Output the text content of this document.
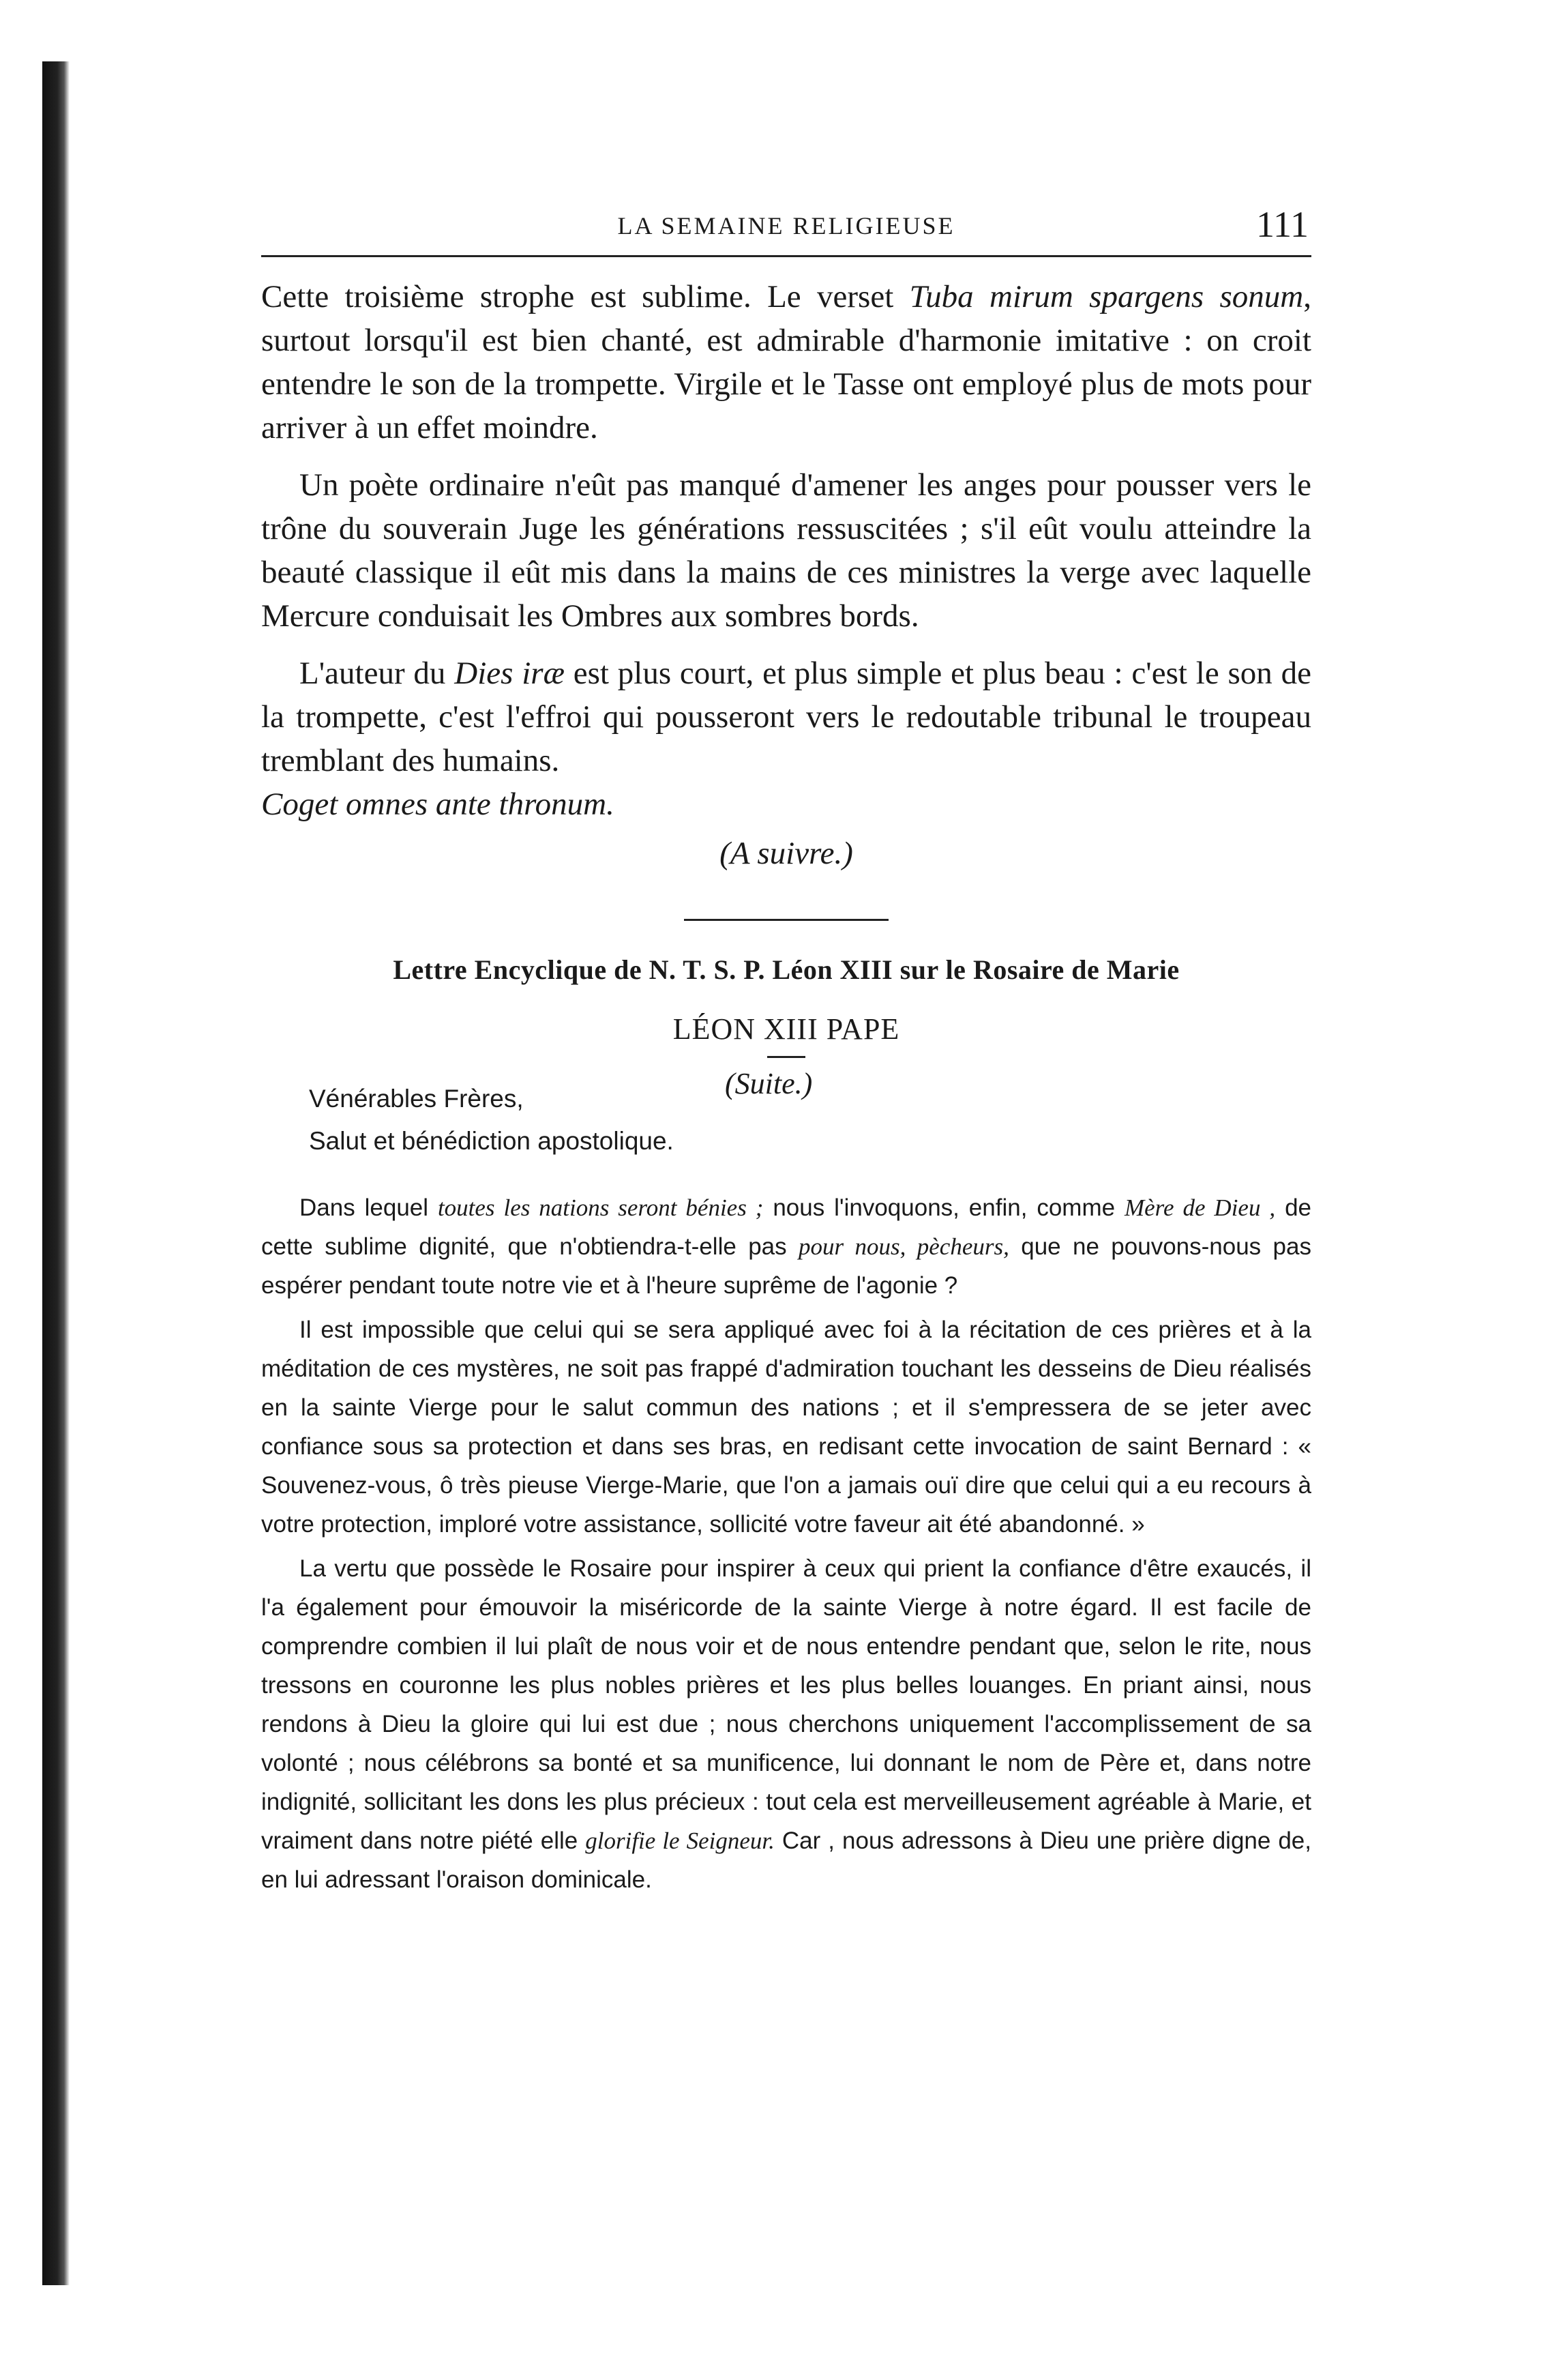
LA SEMAINE RELIGIEUSE	111

Cette troisième strophe est sublime. Le verset Tuba mirum spargens sonum, surtout lorsqu'il est bien chanté, est admirable d'harmonie imitative : on croit entendre le son de la trompette. Virgile et le Tasse ont employé plus de mots pour arriver à un effet moindre.

Un poète ordinaire n'eût pas manqué d'amener les anges pour pousser vers le trône du souverain Juge les générations ressuscitées ; s'il eût voulu atteindre la beauté classique il eût mis dans la mains de ces ministres la verge avec laquelle Mercure conduisait les Ombres aux sombres bords.

L'auteur du Dies iræ est plus court, et plus simple et plus beau : c'est le son de la trompette, c'est l'effroi qui pousseront vers le redoutable tribunal le troupeau tremblant des humains.

Coget omnes ante thronum.

(A suivre.)

Lettre Encyclique de N. T. S. P. Léon XIII sur le Rosaire de Marie
LÉON XIII PAPE
(Suite.)
Vénérables Frères,
Salut et bénédiction apostolique.

Dans lequel toutes les nations seront bénies ; nous l'invoquons, enfin, comme Mère de Dieu , de cette sublime dignité, que n'obtiendra-t-elle pas pour nous, pècheurs, que ne pouvons-nous pas espérer pendant toute notre vie et à l'heure suprême de l'agonie ?

Il est impossible que celui qui se sera appliqué avec foi à la récitation de ces prières et à la méditation de ces mystères, ne soit pas frappé d'admiration touchant les desseins de Dieu réalisés en la sainte Vierge pour le salut commun des nations ; et il s'empressera de se jeter avec confiance sous sa protection et dans ses bras, en redisant cette invocation de saint Bernard : « Souvenez-vous, ô très pieuse Vierge-Marie, que l'on a jamais ouï dire que celui qui a eu recours à votre protection, imploré votre assistance, sollicité votre faveur ait été abandonné. »

La vertu que possède le Rosaire pour inspirer à ceux qui prient la confiance d'être exaucés, il l'a également pour émouvoir la miséricorde de la sainte Vierge à notre égard. Il est facile de comprendre combien il lui plaît de nous voir et de nous entendre pendant que, selon le rite, nous tressons en couronne les plus nobles prières et les plus belles louanges. En priant ainsi, nous rendons à Dieu la gloire qui lui est due ; nous cherchons uniquement l'accomplissement de sa volonté ; nous célébrons sa bonté et sa munificence, lui donnant le nom de Père et, dans notre indignité, sollicitant les dons les plus précieux : tout cela est merveilleusement agréable à Marie, et vraiment dans notre piété elle glorifie le Seigneur. Car , nous adressons à Dieu une prière digne de, en lui adressant l'oraison dominicale.
